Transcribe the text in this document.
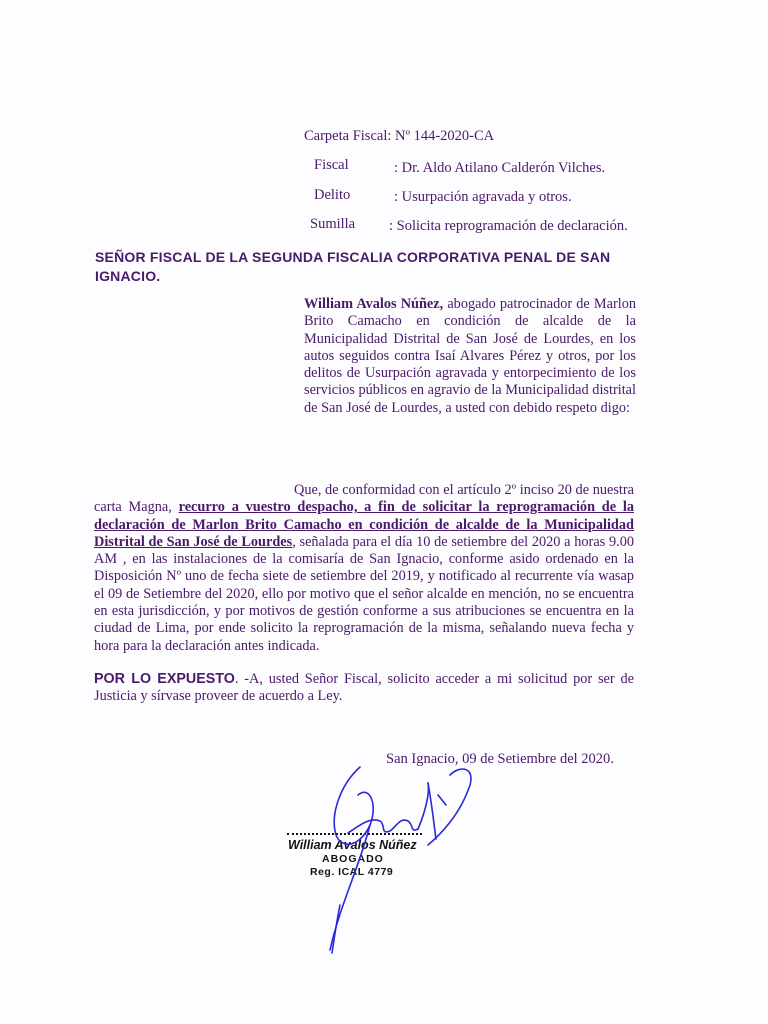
Carpeta Fiscal: Nº 144-2020-CA
Fiscal	: Dr. Aldo Atilano Calderón Vilches.
Delito	: Usurpación agravada y otros.
Sumilla : Solicita reprogramación de declaración.
SEÑOR FISCAL DE LA SEGUNDA FISCALIA CORPORATIVA PENAL DE SAN
IGNACIO.
William Avalos Núñez, abogado patrocinador de Marlon Brito Camacho en condición de alcalde de la Municipalidad Distrital de San José de Lourdes, en los autos seguidos contra Isaí Alvares Pérez y otros, por los delitos de Usurpación agravada y entorpecimiento de los servicios públicos en agravio de la Municipalidad distrital de San José de Lourdes, a usted con debido respeto digo:
Que, de conformidad con el artículo 2º inciso 20 de nuestra carta Magna, recurro a vuestro despacho, a fin de solicitar la reprogramación de la declaración de Marlon Brito Camacho en condición de alcalde de la Municipalidad Distrital de San José de Lourdes, señalada para el día 10 de setiembre del 2020 a horas 9.00 AM , en las instalaciones de la comisaría de San Ignacio, conforme asido ordenado en la Disposición Nº uno de fecha siete de setiembre del 2019, y notificado al recurrente vía wasap el 09 de Setiembre del 2020, ello por motivo que el señor alcalde en mención, no se encuentra en esta jurisdicción, y por motivos de gestión conforme a sus atribuciones se encuentra en la ciudad de Lima, por ende solicito la reprogramación de la misma, señalando nueva fecha y hora para la declaración antes indicada.
POR LO EXPUESTO. -A, usted Señor Fiscal, solicito acceder a mi solicitud por ser de Justicia y sírvase proveer de acuerdo a Ley.
San Ignacio, 09 de Setiembre del 2020.
William Avalos Núñez
ABOGADO
Reg. ICAL 4779
